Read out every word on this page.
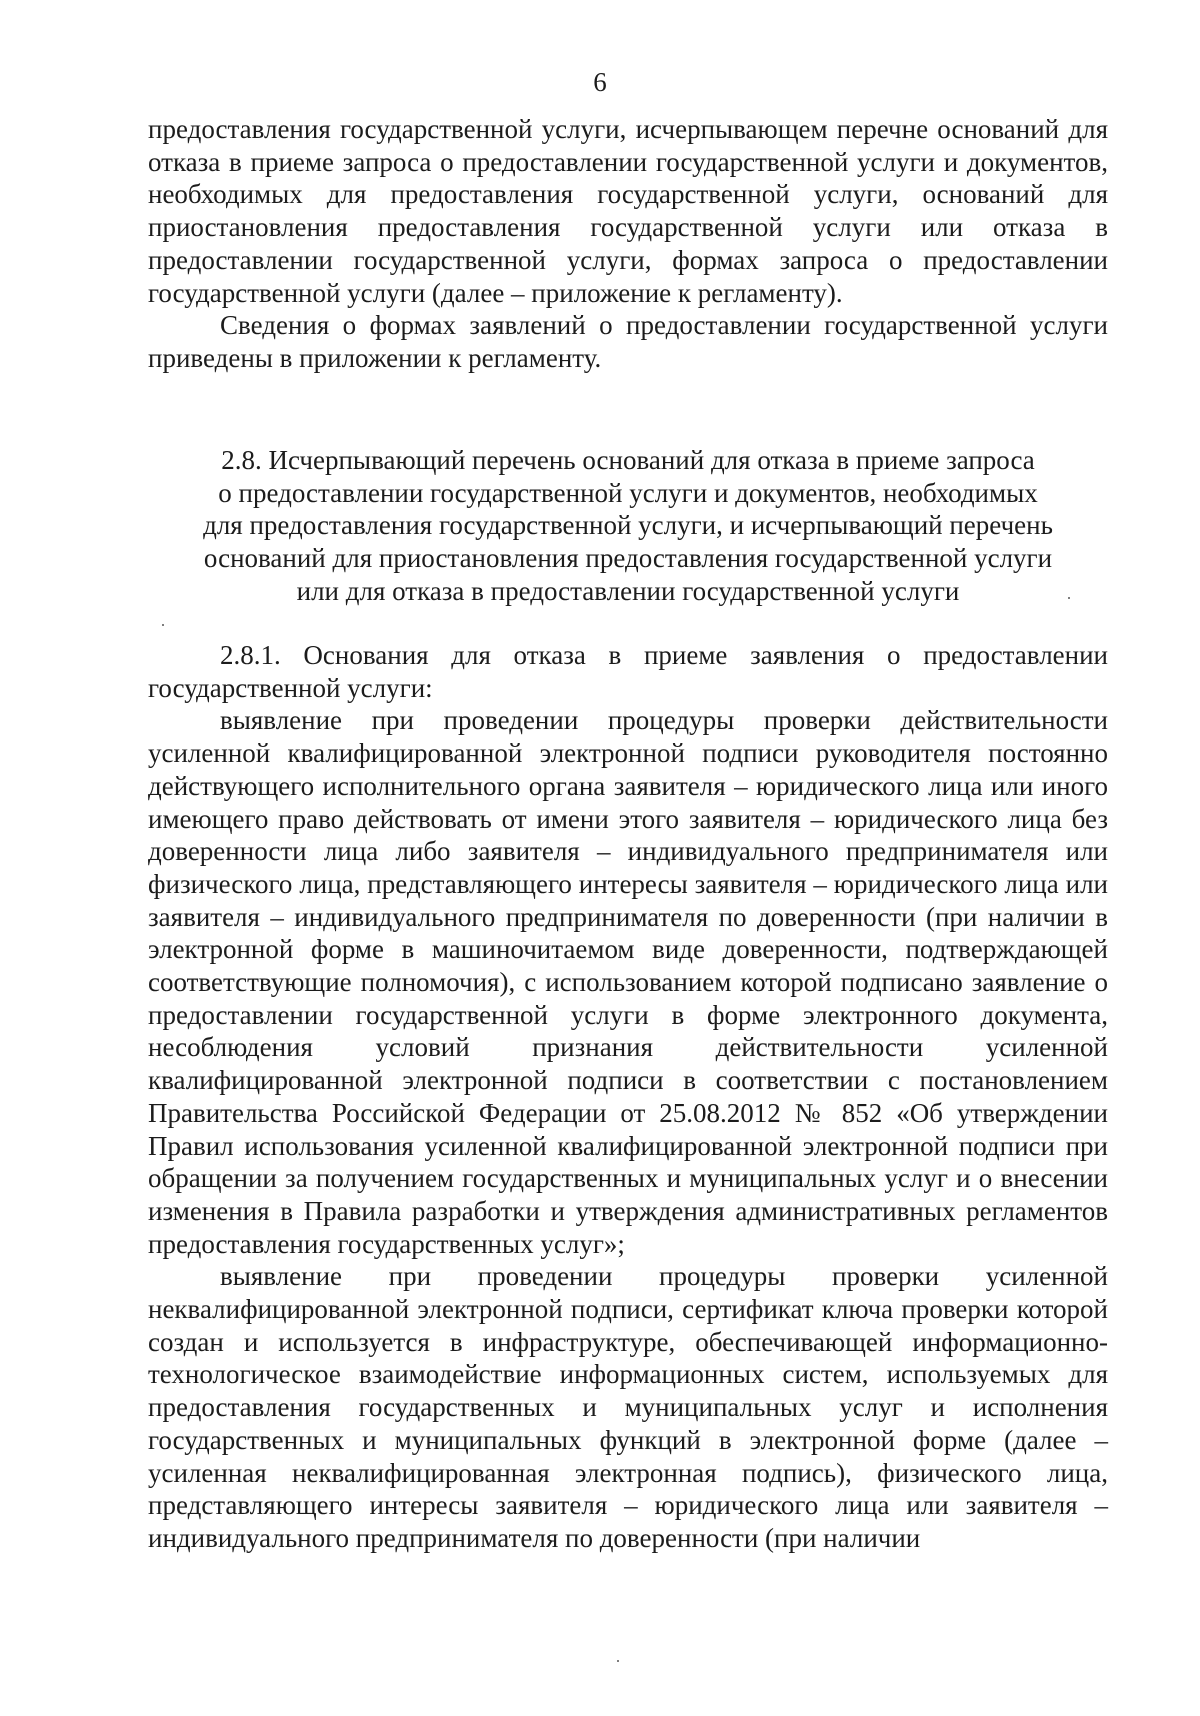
6

предоставления государственной услуги, исчерпывающем перечне оснований для отказа в приеме запроса о предоставлении государственной услуги и документов, необходимых для предоставления государственной услуги, оснований для приостановления предоставления государственной услуги или отказа в предоставлении государственной услуги, формах запроса о предоставлении государственной услуги (далее – приложение к регламенту).

Сведения о формах заявлений о предоставлении государственной услуги приведены в приложении к регламенту.

2.8. Исчерпывающий перечень оснований для отказа в приеме запроса
о предоставлении государственной услуги и документов, необходимых
для предоставления государственной услуги, и исчерпывающий перечень
оснований для приостановления предоставления государственной услуги
или для отказа в предоставлении государственной услуги

2.8.1. Основания для отказа в приеме заявления о предоставлении государственной услуги:

выявление при проведении процедуры проверки действительности усиленной квалифицированной электронной подписи руководителя постоянно действующего исполнительного органа заявителя – юридического лица или иного имеющего право действовать от имени этого заявителя – юридического лица без доверенности лица либо заявителя – индивидуального предпринимателя или физического лица, представляющего интересы заявителя – юридического лица или заявителя – индивидуального предпринимателя по доверенности (при наличии в электронной форме в машиночитаемом виде доверенности, подтверждающей соответствующие полномочия), с использованием которой подписано заявление о предоставлении государственной услуги в форме электронного документа, несоблюдения условий признания действительности усиленной квалифицированной электронной подписи в соответствии с постановлением Правительства Российской Федерации от 25.08.2012 № 852 «Об утверждении Правил использования усиленной квалифицированной электронной подписи при обращении за получением государственных и муниципальных услуг и о внесении изменения в Правила разработки и утверждения административных регламентов предоставления государственных услуг»;

выявление при проведении процедуры проверки усиленной неквалифицированной электронной подписи, сертификат ключа проверки которой создан и используется в инфраструктуре, обеспечивающей информационно-технологическое взаимодействие информационных систем, используемых для предоставления государственных и муниципальных услуг и исполнения государственных и муниципальных функций в электронной форме (далее – усиленная неквалифицированная электронная подпись), физического лица, представляющего интересы заявителя – юридического лица или заявителя – индивидуального предпринимателя по доверенности (при наличии
